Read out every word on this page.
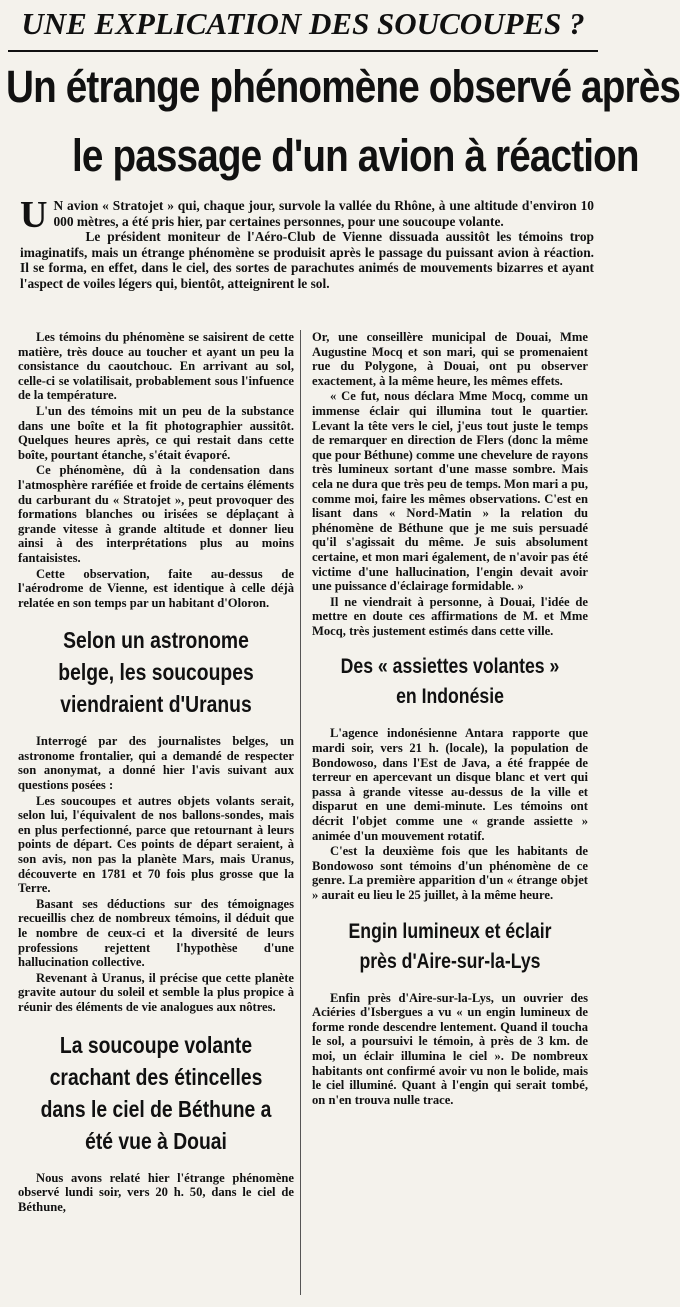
UNE EXPLICATION DES SOUCOUPES ?
Un étrange phénomène observé après
le passage d'un avion à réaction

U N avion « Stratojet » qui, chaque jour, survole la vallée du Rhône, à une altitude d'environ 10 000 mètres, a été pris hier, par certaines personnes, pour une soucoupe volante.

Le président moniteur de l'Aéro-Club de Vienne dissuada aussitôt les témoins trop imaginatifs, mais un étrange phénomène se produisit après le passage du puissant avion à réaction. Il se forma, en effet, dans le ciel, des sortes de parachutes animés de mouvements bizarres et ayant l'aspect de voiles légers qui, bientôt, atteignirent le sol.

Les témoins du phénomène se saisirent de cette matière, très douce au toucher et ayant un peu la consistance du caoutchouc. En arrivant au sol, celle-ci se volatilisait, probablement sous l'infuence de la température.

L'un des témoins mit un peu de la substance dans une boîte et la fit photographier aussitôt. Quelques heures après, ce qui restait dans cette boîte, pourtant étanche, s'était évaporé.

Ce phénomène, dû à la condensation dans l'atmosphère raréfiée et froide de certains éléments du carburant du « Stratojet », peut provoquer des formations blanches ou irisées se déplaçant à grande vitesse à grande altitude et donner lieu ainsi à des interprétations plus au moins fantaisistes.

Cette observation, faite au-dessus de l'aérodrome de Vienne, est identique à celle déjà relatée en son temps par un habitant d'Oloron.

Selon un astronome belge, les soucoupes viendraient d'Uranus

Interrogé par des journalistes belges, un astronome frontalier, qui a demandé de respecter son anonymat, a donné hier l'avis suivant aux questions posées :

Les soucoupes et autres objets volants serait, selon lui, l'équivalent de nos ballons-sondes, mais en plus perfectionné, parce que retournant à leurs points de départ. Ces points de départ seraient, à son avis, non pas la planète Mars, mais Uranus, découverte en 1781 et 70 fois plus grosse que la Terre.

Basant ses déductions sur des témoignages recueillis chez de nombreux témoins, il déduit que le nombre de ceux-ci et la diversité de leurs professions rejettent l'hypothèse d'une hallucination collective.

Revenant à Uranus, il précise que cette planète gravite autour du soleil et semble la plus propice à réunir des éléments de vie analogues aux nôtres.

La soucoupe volante crachant des étincelles dans le ciel de Béthune a été vue à Douai

Nous avons relaté hier l'étrange phénomène observé lundi soir, vers 20 h. 50, dans le ciel de Béthune,

Or, une conseillère municipal de Douai, Mme Augustine Mocq et son mari, qui se promenaient rue du Polygone, à Douai, ont pu observer exactement, à la même heure, les mêmes effets.

« Ce fut, nous déclara Mme Mocq, comme un immense éclair qui illumina tout le quartier. Levant la tête vers le ciel, j'eus tout juste le temps de remarquer en direction de Flers (donc la même que pour Béthune) comme une chevelure de rayons très lumineux sortant d'une masse sombre. Mais cela ne dura que très peu de temps. Mon mari a pu, comme moi, faire les mêmes observations. C'est en lisant dans « Nord-Matin » la relation du phénomène de Béthune que je me suis persuadé qu'il s'agissait du même. Je suis absolument certaine, et mon mari également, de n'avoir pas été victime d'une hallucination, l'engin devait avoir une puissance d'éclairage formidable. »

Il ne viendrait à personne, à Douai, l'idée de mettre en doute ces affirmations de M. et Mme Mocq, très justement estimés dans cette ville.

Des « assiettes volantes » en Indonésie

L'agence indonésienne Antara rapporte que mardi soir, vers 21 h. (locale), la population de Bondowoso, dans l'Est de Java, a été frappée de terreur en apercevant un disque blanc et vert qui passa à grande vitesse au-dessus de la ville et disparut en une demi-minute. Les témoins ont décrit l'objet comme une « grande assiette » animée d'un mouvement rotatif.

C'est la deuxième fois que les habitants de Bondowoso sont témoins d'un phénomène de ce genre. La première apparition d'un « étrange objet » aurait eu lieu le 25 juillet, à la même heure.

Engin lumineux et éclair près d'Aire-sur-la-Lys

Enfin près d'Aire-sur-la-Lys, un ouvrier des Aciéries d'Isbergues a vu « un engin lumineux de forme ronde descendre lentement. Quand il toucha le sol, a poursuivi le témoin, à près de 3 km. de moi, un éclair illumina le ciel ». De nombreux habitants ont confirmé avoir vu non le bolide, mais le ciel illuminé. Quant à l'engin qui serait tombé, on n'en trouva nulle trace.
